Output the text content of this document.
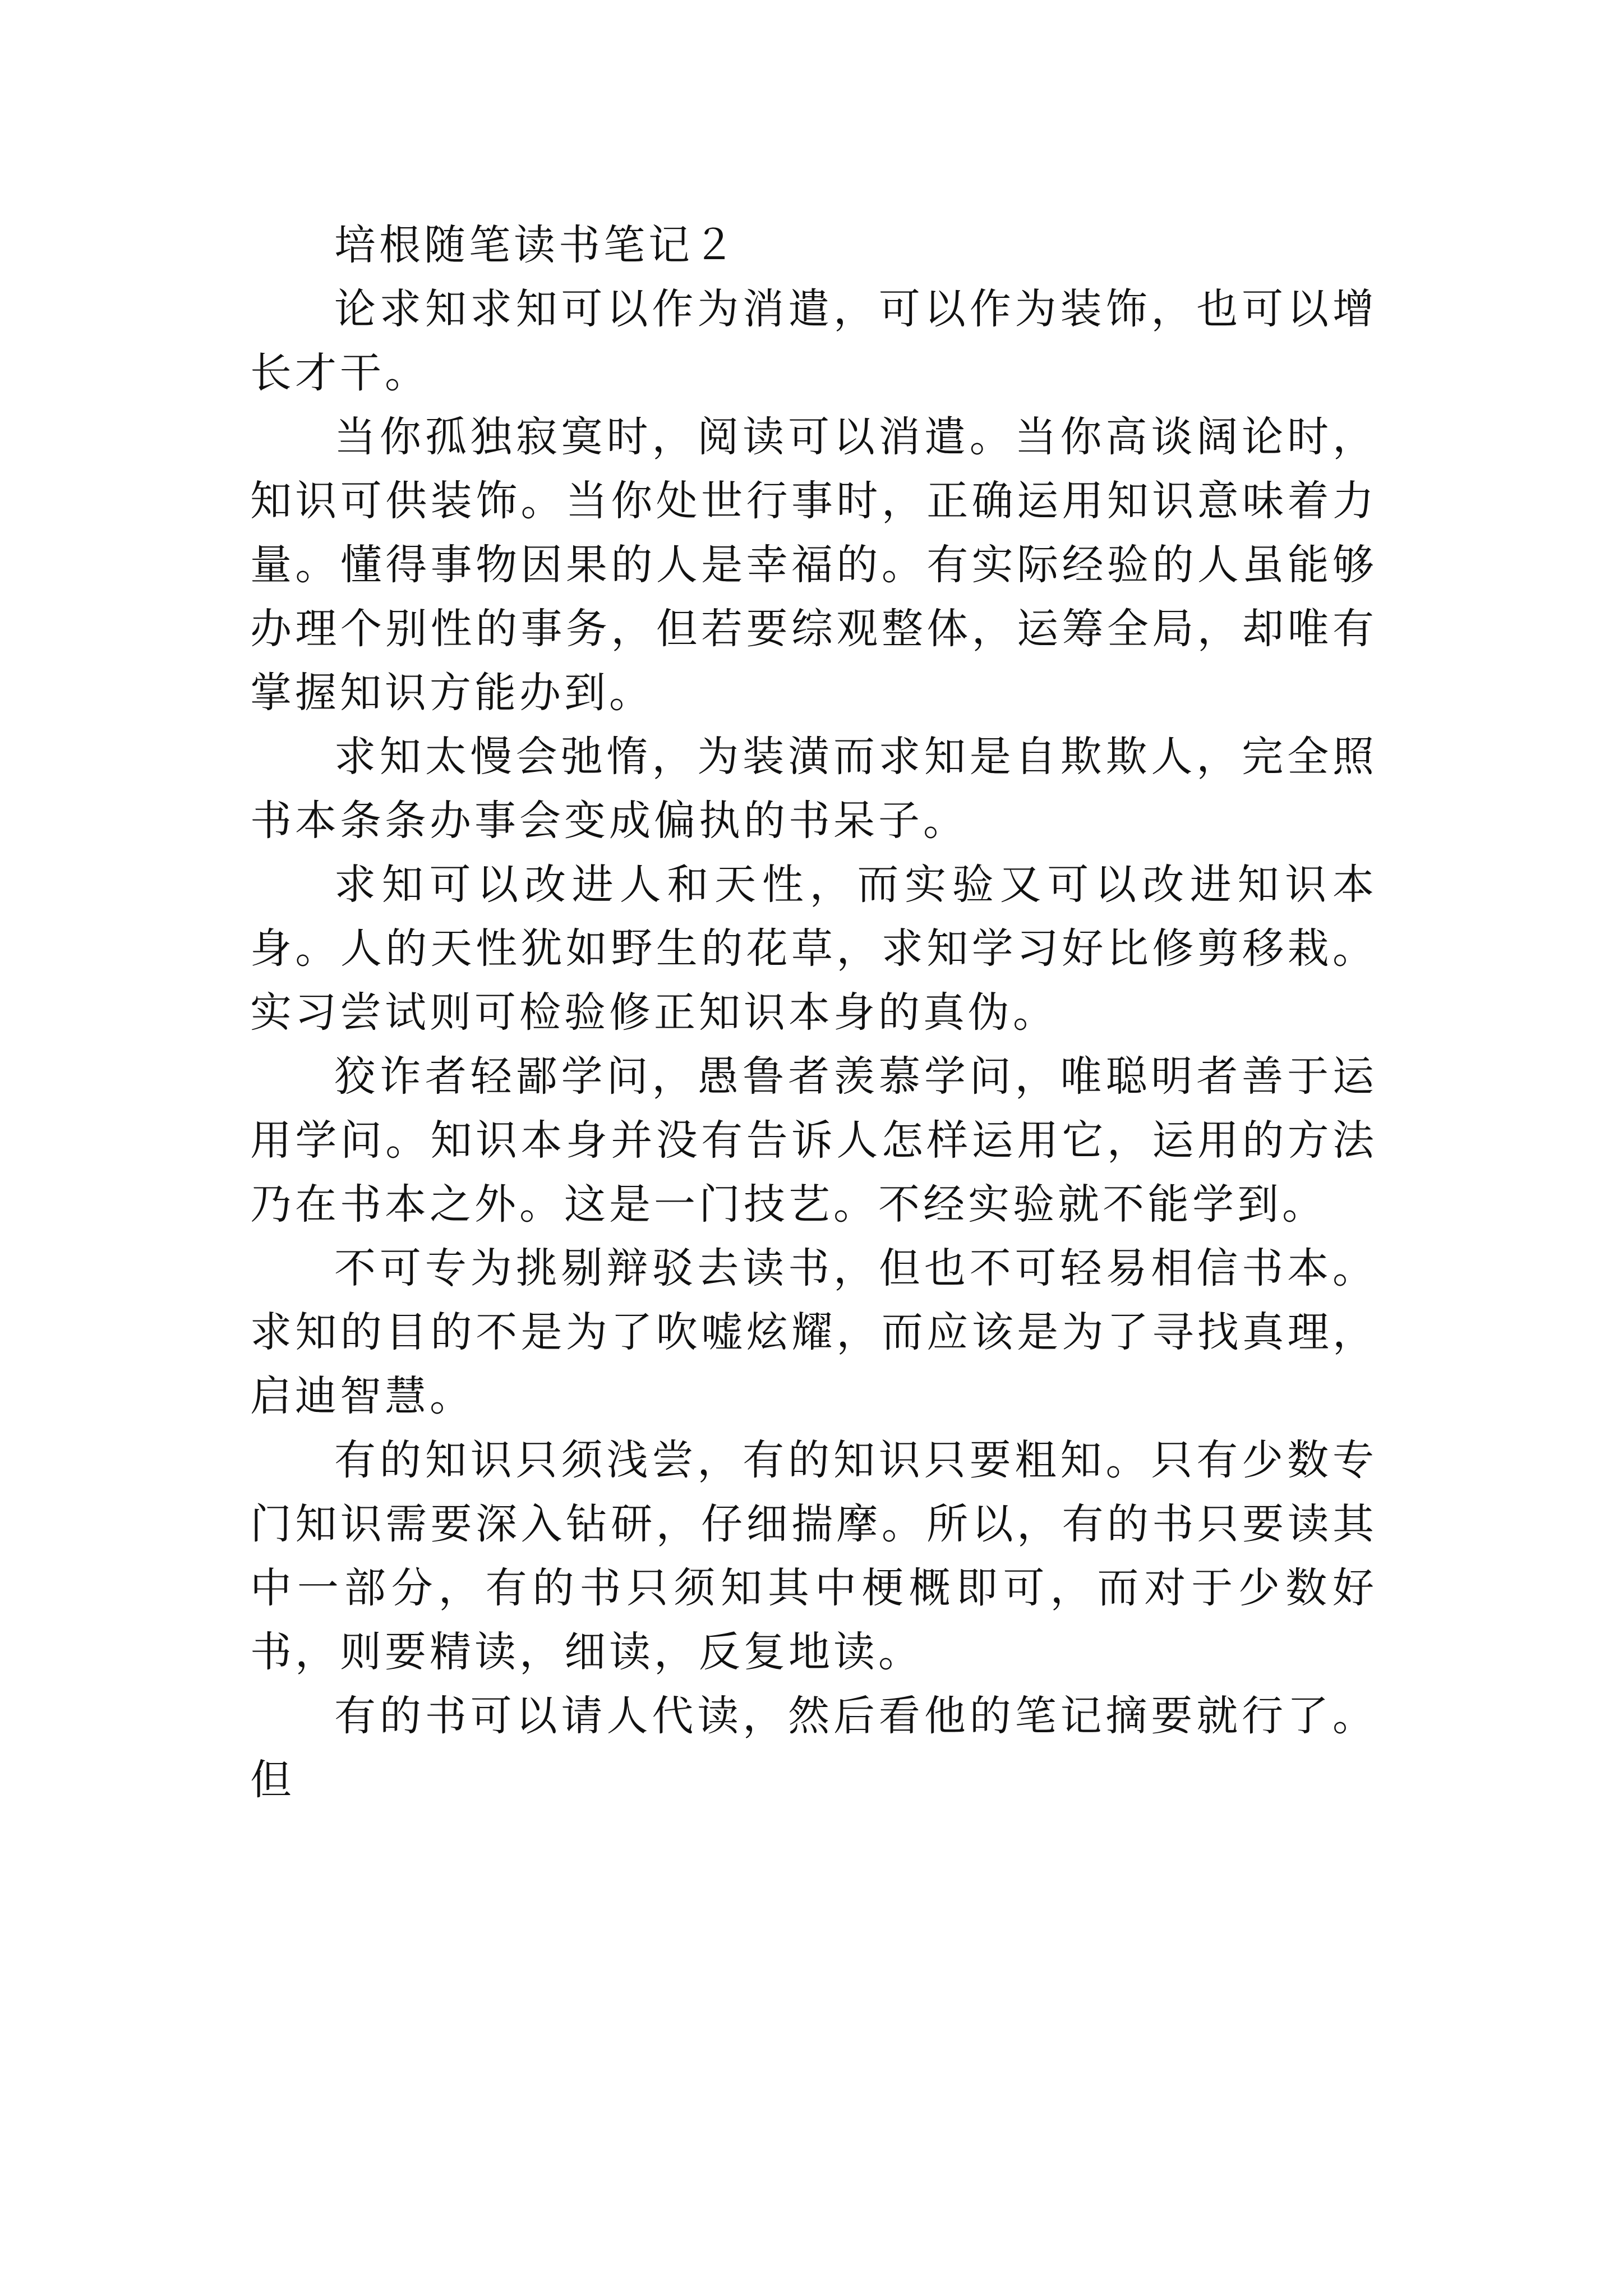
培根随笔读书笔记２

论求知求知可以作为消遣，可以作为装饰，也可以增长才干。

当你孤独寂寞时，阅读可以消遣。当你高谈阔论时，知识可供装饰。当你处世行事时，正确运用知识意味着力量。懂得事物因果的人是幸福的。有实际经验的人虽能够办理个别性的事务，但若要综观整体，运筹全局，却唯有掌握知识方能办到。

求知太慢会弛惰，为装潢而求知是自欺欺人，完全照书本条条办事会变成偏执的书呆子。

求知可以改进人和天性，而实验又可以改进知识本身。人的天性犹如野生的花草，求知学习好比修剪移栽。实习尝试则可检验修正知识本身的真伪。

狡诈者轻鄙学问，愚鲁者羡慕学问，唯聪明者善于运用学问。知识本身并没有告诉人怎样运用它，运用的方法乃在书本之外。这是一门技艺。不经实验就不能学到。

不可专为挑剔辩驳去读书，但也不可轻易相信书本。求知的目的不是为了吹嘘炫耀，而应该是为了寻找真理，启迪智慧。

有的知识只须浅尝，有的知识只要粗知。只有少数专门知识需要深入钻研，仔细揣摩。所以，有的书只要读其中一部分，有的书只须知其中梗概即可，而对于少数好书，则要精读，细读，反复地读。

有的书可以请人代读，然后看他的笔记摘要就行了。但
